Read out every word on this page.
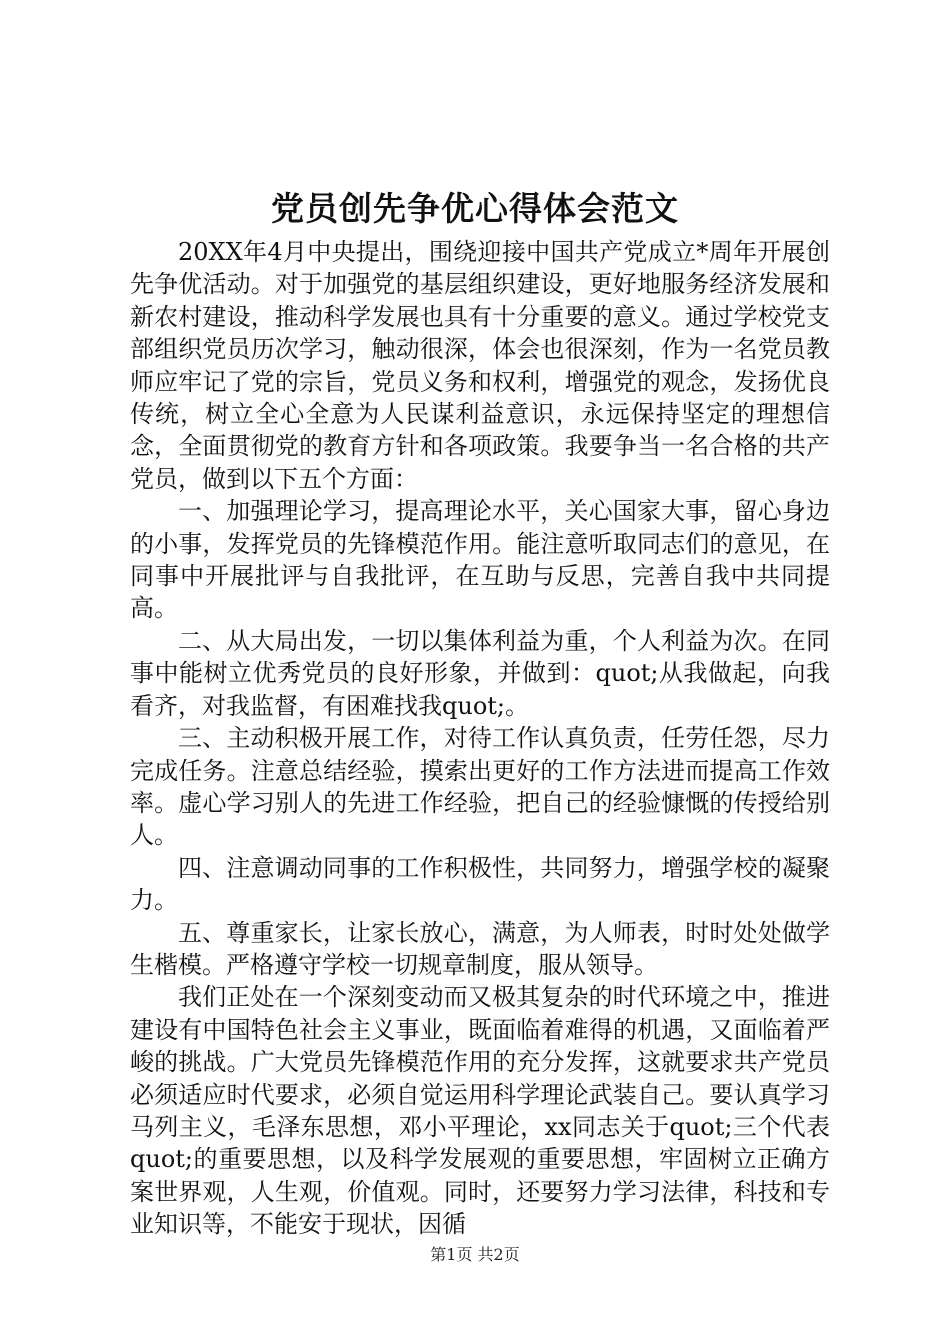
党员创先争优心得体会范文

20XX年4月中央提出，围绕迎接中国共产党成立*周年开展创先争优活动。对于加强党的基层组织建设，更好地服务经济发展和新农村建设，推动科学发展也具有十分重要的意义。通过学校党支部组织党员历次学习，触动很深，体会也很深刻，作为一名党员教师应牢记了党的宗旨，党员义务和权利，增强党的观念，发扬优良传统，树立全心全意为人民谋利益意识，永远保持坚定的理想信念，全面贯彻党的教育方针和各项政策。我要争当一名合格的共产党员，做到以下五个方面：

一、加强理论学习，提高理论水平，关心国家大事，留心身边的小事，发挥党员的先锋模范作用。能注意听取同志们的意见，在同事中开展批评与自我批评，在互助与反思，完善自我中共同提高。

二、从大局出发，一切以集体利益为重，个人利益为次。在同事中能树立优秀党员的良好形象，并做到：quot;从我做起，向我看齐，对我监督，有困难找我quot;。

三、主动积极开展工作，对待工作认真负责，任劳任怨，尽力完成任务。注意总结经验，摸索出更好的工作方法进而提高工作效率。虚心学习别人的先进工作经验，把自己的经验慷慨的传授给别人。

四、注意调动同事的工作积极性，共同努力，增强学校的凝聚力。

五、尊重家长，让家长放心，满意，为人师表，时时处处做学生楷模。严格遵守学校一切规章制度，服从领导。

我们正处在一个深刻变动而又极其复杂的时代环境之中，推进建设有中国特色社会主义事业，既面临着难得的机遇，又面临着严峻的挑战。广大党员先锋模范作用的充分发挥，这就要求共产党员必须适应时代要求，必须自觉运用科学理论武装自己。要认真学习马列主义，毛泽东思想，邓小平理论，xx同志关于quot;三个代表quot;的重要思想，以及科学发展观的重要思想，牢固树立正确方案世界观，人生观，价值观。同时，还要努力学习法律，科技和专业知识等，不能安于现状，因循

第1页 共2页
